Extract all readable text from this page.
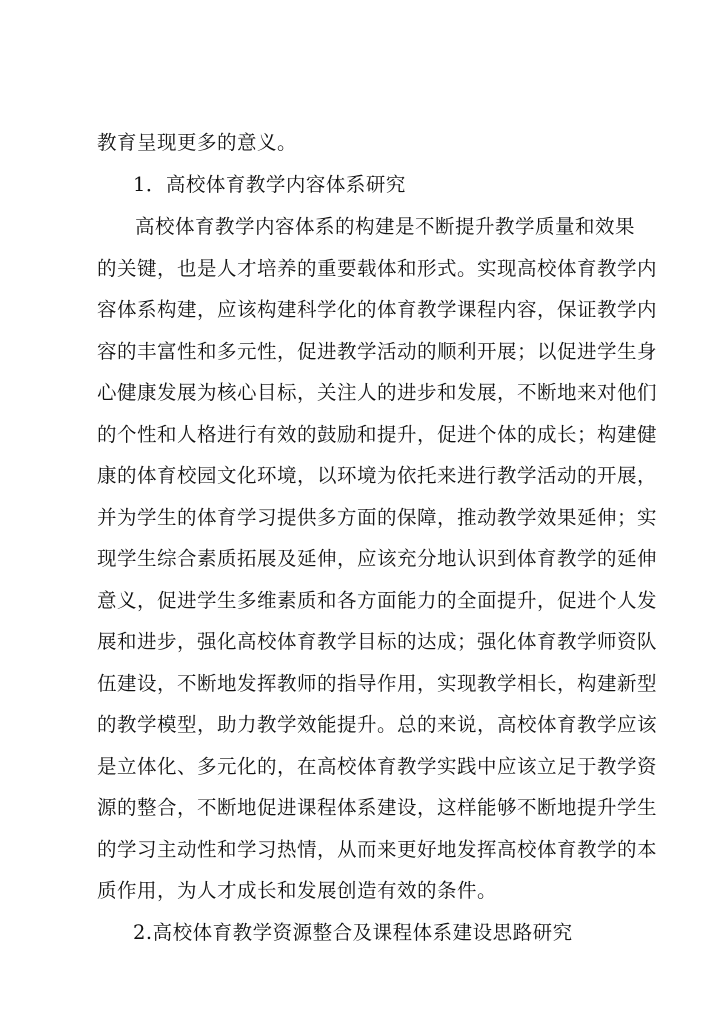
教育呈现更多的意义。
1．高校体育教学内容体系研究
高校体育教学内容体系的构建是不断提升教学质量和效果
的关键，也是人才培养的重要载体和形式。实现高校体育教学内
容体系构建，应该构建科学化的体育教学课程内容，保证教学内
容的丰富性和多元性，促进教学活动的顺利开展；以促进学生身
心健康发展为核心目标，关注人的进步和发展，不断地来对他们
的个性和人格进行有效的鼓励和提升，促进个体的成长；构建健
康的体育校园文化环境，以环境为依托来进行教学活动的开展，
并为学生的体育学习提供多方面的保障，推动教学效果延伸；实
现学生综合素质拓展及延伸，应该充分地认识到体育教学的延伸
意义，促进学生多维素质和各方面能力的全面提升，促进个人发
展和进步，强化高校体育教学目标的达成；强化体育教学师资队
伍建设，不断地发挥教师的指导作用，实现教学相长，构建新型
的教学模型，助力教学效能提升。总的来说，高校体育教学应该
是立体化、多元化的，在高校体育教学实践中应该立足于教学资
源的整合，不断地促进课程体系建设，这样能够不断地提升学生
的学习主动性和学习热情，从而来更好地发挥高校体育教学的本
质作用，为人才成长和发展创造有效的条件。
2.高校体育教学资源整合及课程体系建设思路研究
